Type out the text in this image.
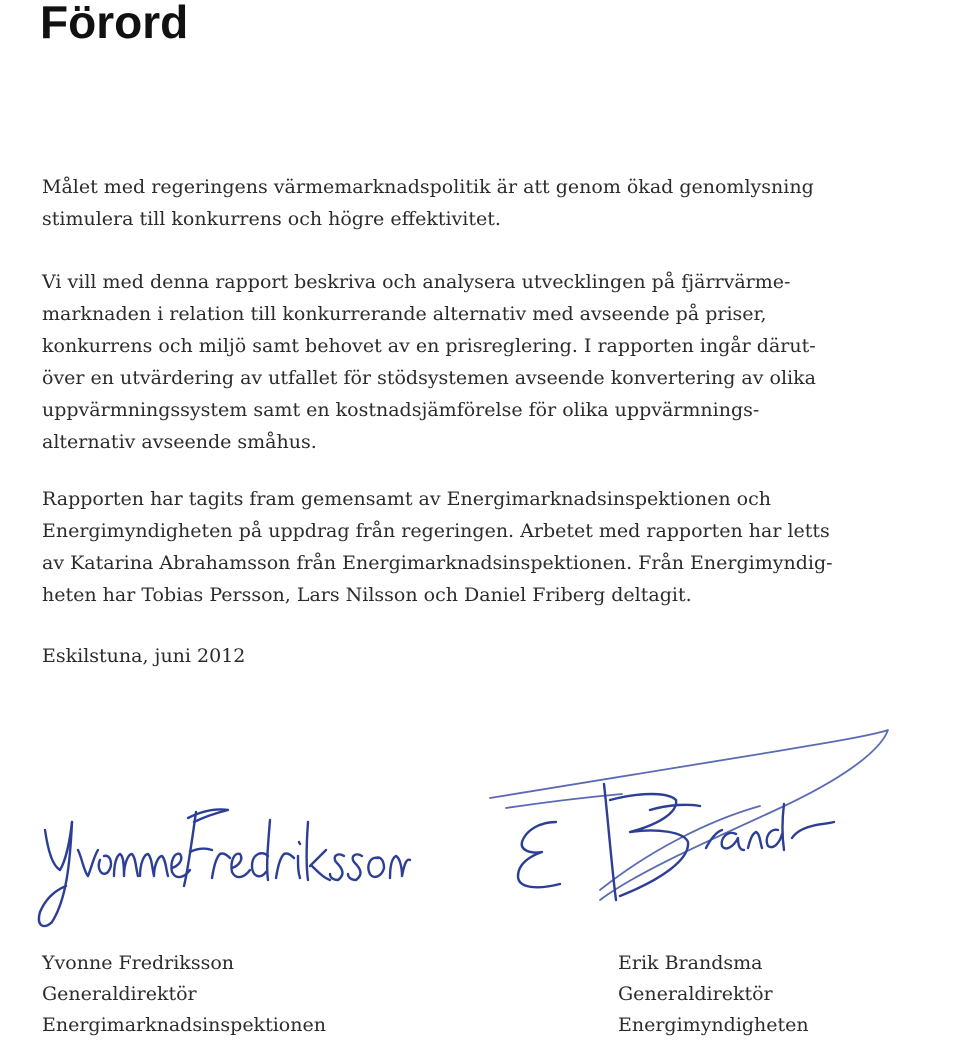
Förord
Målet med regeringens värmemarknadspolitik är att genom ökad genomlysning
stimulera till konkurrens och högre effektivitet.
Vi vill med denna rapport beskriva och analysera utvecklingen på fjärrvärme-
marknaden i relation till konkurrerande alternativ med avseende på priser,
konkurrens och miljö samt behovet av en prisreglering. I rapporten ingår därut-
över en utvärdering av utfallet för stödsystemen avseende konvertering av olika
uppvärmningssystem samt en kostnadsjämförelse för olika uppvärmnings-
alternativ avseende småhus.
Rapporten har tagits fram gemensamt av Energimarknadsinspektionen och
Energimyndigheten på uppdrag från regeringen. Arbetet med rapporten har letts
av Katarina Abrahamsson från Energimarknadsinspektionen. Från Energimyndig-
heten har Tobias Persson, Lars Nilsson och Daniel Friberg deltagit.
Eskilstuna, juni 2012
Yvonne Fredriksson
Generaldirektör
Energimarknadsinspektionen
Erik Brandsma
Generaldirektör
Energimyndigheten
